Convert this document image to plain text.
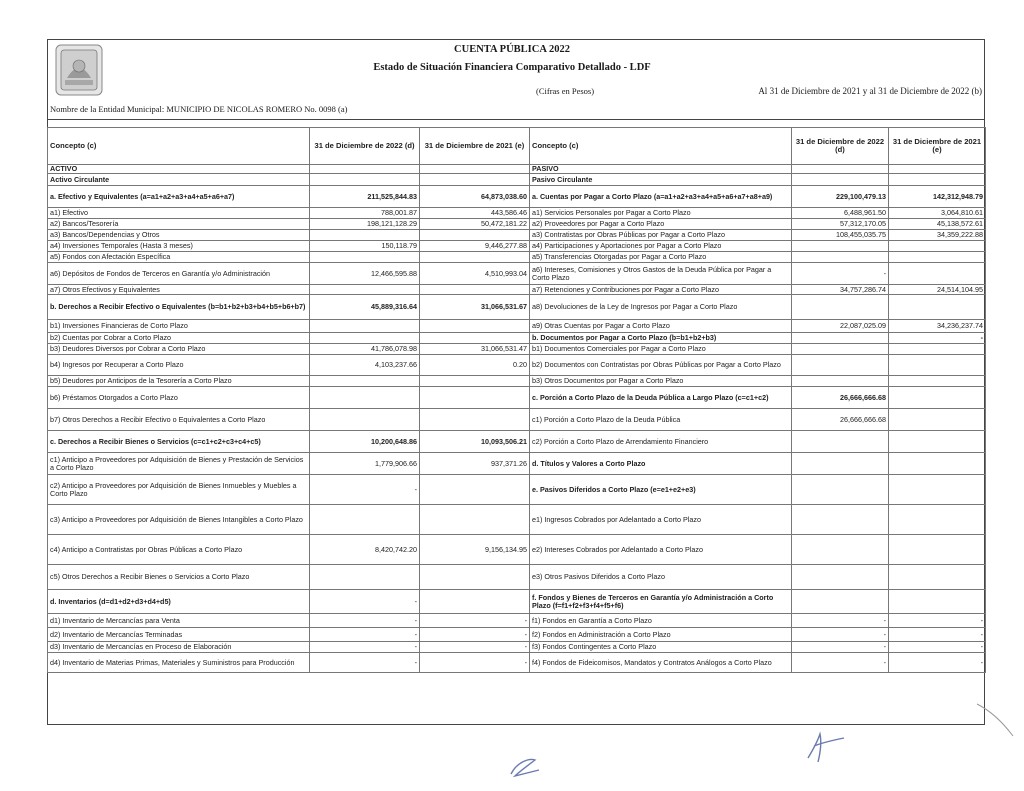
CUENTA PÚBLICA 2022
Estado de Situación Financiera Comparativo Detallado - LDF
(Cifras en Pesos)	Al 31 de Diciembre de 2021 y al 31 de Diciembre de 2022 (b)
Nombre de la Entidad Municipal: MUNICIPIO DE NICOLAS ROMERO No. 0098 (a)
Concepto (c)	31 de Diciembre de 2022 (d)	31 de Diciembre de 2021 (e)	Concepto (c)	31 de Diciembre de 2022 (d)	31 de Diciembre de 2021 (e)
ACTIVO			PASIVO		
Activo Circulante			Pasivo Circulante		
a. Efectivo y Equivalentes (a=a1+a2+a3+a4+a5+a6+a7)	211,525,844.83	64,873,038.60	a. Cuentas por Pagar a Corto Plazo (a=a1+a2+a3+a4+a5+a6+a7+a8+a9)	229,100,479.13	142,312,948.79
a1) Efectivo	788,001.87	443,586.46	a1) Servicios Personales por Pagar a Corto Plazo	6,488,961.50	3,064,810.61
a2) Bancos/Tesorería	198,121,128.29	50,472,181.22	a2) Proveedores por Pagar a Corto Plazo	57,312,170.05	45,138,572.61
a3) Bancos/Dependencias y Otros			a3) Contratistas por Obras Públicas por Pagar a Corto Plazo	108,455,035.75	34,359,222.88
a4) Inversiones Temporales (Hasta 3 meses)	150,118.79	9,446,277.88	a4) Participaciones y Aportaciones por Pagar a Corto Plazo		
a5) Fondos con Afectación Específica			a5) Transferencias Otorgadas por Pagar a Corto Plazo		
a6) Depósitos de Fondos de Terceros en Garantía y/o Administración	12,466,595.88	4,510,993.04	a6) Intereses, Comisiones y Otros Gastos de la Deuda Pública por Pagar a Corto Plazo	-	
a7) Otros Efectivos y Equivalentes			a7) Retenciones y Contribuciones por Pagar a Corto Plazo	34,757,286.74	24,514,104.95
b. Derechos a Recibir Efectivo o Equivalentes (b=b1+b2+b3+b4+b5+b6+b7)	45,889,316.64	31,066,531.67	a8) Devoluciones de la Ley de Ingresos por Pagar a Corto Plazo		
b1) Inversiones Financieras de Corto Plazo			a9) Otras Cuentas por Pagar a Corto Plazo	22,087,025.09	34,236,237.74
b2) Cuentas por Cobrar a Corto Plazo			b. Documentos por Pagar a Corto Plazo (b=b1+b2+b3)		-
b3) Deudores Diversos por Cobrar a Corto Plazo	41,786,078.98	31,066,531.47	b1) Documentos Comerciales por Pagar a Corto Plazo		
b4) Ingresos por Recuperar a Corto Plazo	4,103,237.66	0.20	b2) Documentos con Contratistas por Obras Públicas por Pagar a Corto Plazo		
b5) Deudores por Anticipos de la Tesorería a Corto Plazo			b3) Otros Documentos por Pagar a Corto Plazo		
b6) Préstamos Otorgados a Corto Plazo			c. Porción a Corto Plazo de la Deuda Pública a Largo Plazo (c=c1+c2)	26,666,666.68	
b7) Otros Derechos a Recibir Efectivo o Equivalentes a Corto Plazo			c1) Porción a Corto Plazo de la Deuda Pública	26,666,666.68	
c. Derechos a Recibir Bienes o Servicios (c=c1+c2+c3+c4+c5)	10,200,648.86	10,093,506.21	c2) Porción a Corto Plazo de Arrendamiento Financiero		
c1) Anticipo a Proveedores por Adquisición de Bienes y Prestación de Servicios a Corto Plazo	1,779,906.66	937,371.26	d. Títulos y Valores a Corto Plazo		
c2) Anticipo a Proveedores por Adquisición de Bienes Inmuebles y Muebles a Corto Plazo	-		e. Pasivos Diferidos a Corto Plazo (e=e1+e2+e3)		
c3) Anticipo a Proveedores por Adquisición de Bienes Intangibles a Corto Plazo			e1) Ingresos Cobrados por Adelantado a Corto Plazo		
c4) Anticipo a Contratistas por Obras Públicas a Corto Plazo	8,420,742.20	9,156,134.95	e2) Intereses Cobrados por Adelantado a Corto Plazo		
c5) Otros Derechos a Recibir Bienes o Servicios a Corto Plazo			e3) Otros Pasivos Diferidos a Corto Plazo		
d. Inventarios (d=d1+d2+d3+d4+d5)	-		f. Fondos y Bienes de Terceros en Garantía y/o Administración a Corto Plazo (f=f1+f2+f3+f4+f5+f6)		
d1) Inventario de Mercancías para Venta	-	-	f1) Fondos en Garantía a Corto Plazo	-	-
d2) Inventario de Mercancías Terminadas	-	-	f2) Fondos en Administración a Corto Plazo	-	-
d3) Inventario de Mercancías en Proceso de Elaboración	-	-	f3) Fondos Contingentes a Corto Plazo	-	-
d4) Inventario de Materias Primas, Materiales y Suministros para Producción	-	-	f4) Fondos de Fideicomisos, Mandatos y Contratos Análogos a Corto Plazo	-	-
